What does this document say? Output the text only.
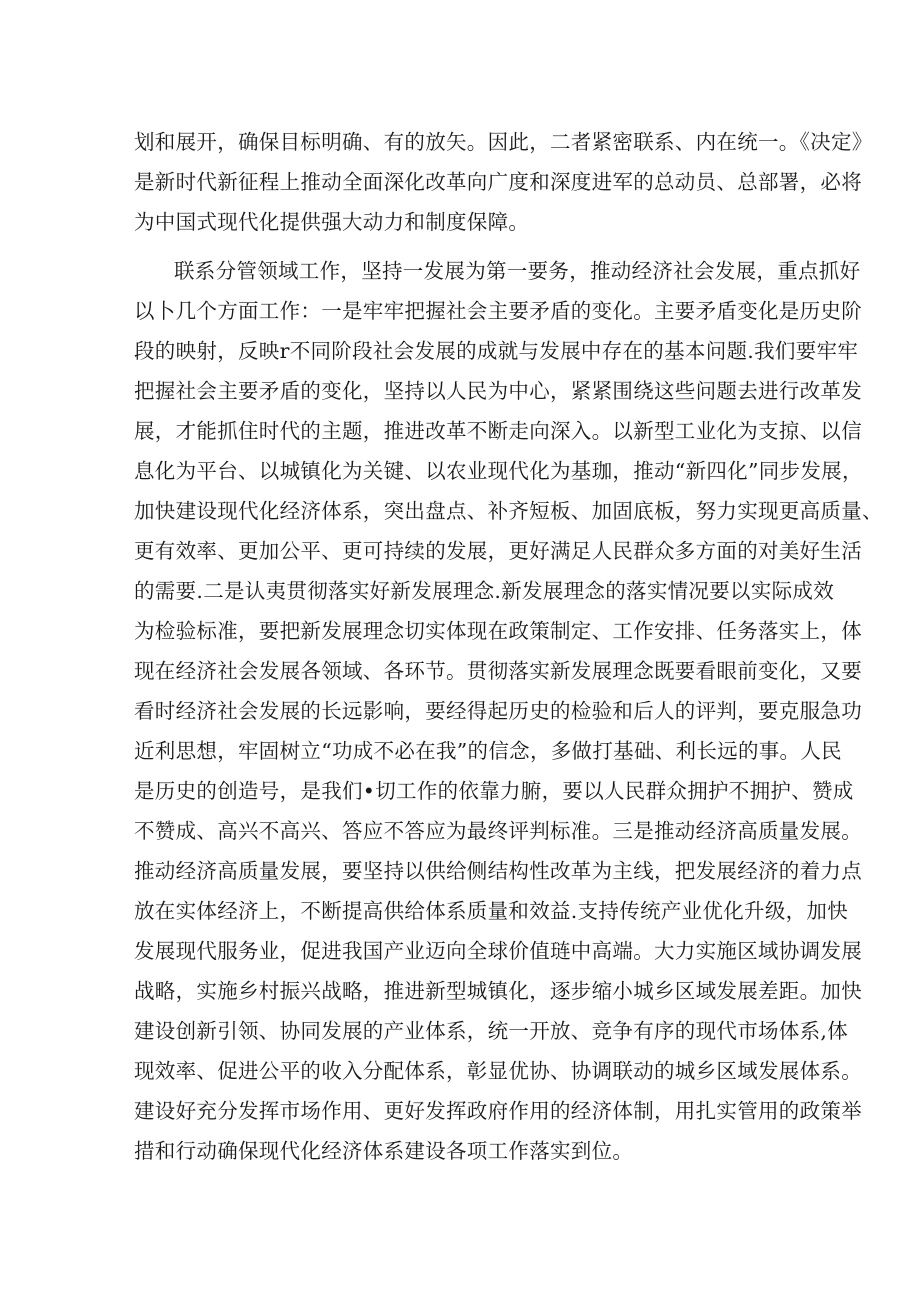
划和展开，确保目标明确、有的放矢。因此，二者紧密联系、内在统一。《决定》
是新时代新征程上推动全面深化改革向广度和深度进军的总动员、总部署，必将
为中国式现代化提供强大动力和制度保障。
联系分管领域工作，坚持一发展为第一要务，推动经济社会发展，重点抓好
以卜几个方面工作：一是牢牢把握社会主要矛盾的变化。主要矛盾变化是历史阶
段的映射，反映r不同阶段社会发展的成就与发展中存在的基本问题.我们要牢牢
把握社会主要矛盾的变化，坚持以人民为中心，紧紧围绕这些问题去进行改革发
展，才能抓住时代的主题，推进改革不断走向深入。以新型工业化为支掠、以信
息化为平台、以城镇化为关键、以农业现代化为基珈，推动“新四化”同步发展，
加快建设现代化经济体系，突出盘点、补齐短板、加固底板，努力实现更高质量、
更有效率、更加公平、更可持续的发展，更好满足人民群众多方面的对美好生活
的需要.二是认夷贯彻落实好新发展理念.新发展理念的落实情况要以实际成效
为检验标准，要把新发展理念切实体现在政策制定、工作安排、任务落实上，体
现在经济社会发展各领域、各环节。贯彻落实新发展理念既要看眼前变化，又要
看时经济社会发展的长远影响，要经得起历史的检验和后人的评判，要克服急功
近利思想，牢固树立“功成不必在我”的信念，多做打基础、利长远的事。人民
是历史的创造号，是我们•切工作的依靠力腑，要以人民群众拥护不拥护、赞成
不赞成、高兴不高兴、答应不答应为最终评判标准。三是推动经济高质量发展。
推动经济高质量发展，要坚持以供给侧结构性改革为主线，把发展经济的着力点
放在实体经济上，不断提高供给体系质量和效益.支持传统产业优化升级，加快
发展现代服务业，促进我国产业迈向全球价值琏中高端。大力实施区域协调发展
战略，实施乡村振兴战略，推进新型城镇化，逐步缩小城乡区域发展差距。加快
建设创新引领、协同发展的产业体系，统一开放、竞争有序的现代市场体系,体
现效率、促进公平的收入分配体系，彰显优协、协调联动的城乡区域发展体系。
建设好充分发挥市场作用、更好发挥政府作用的经济体制，用扎实管用的政策举
措和行动确保现代化经济体系建设各项工作落实到位。
